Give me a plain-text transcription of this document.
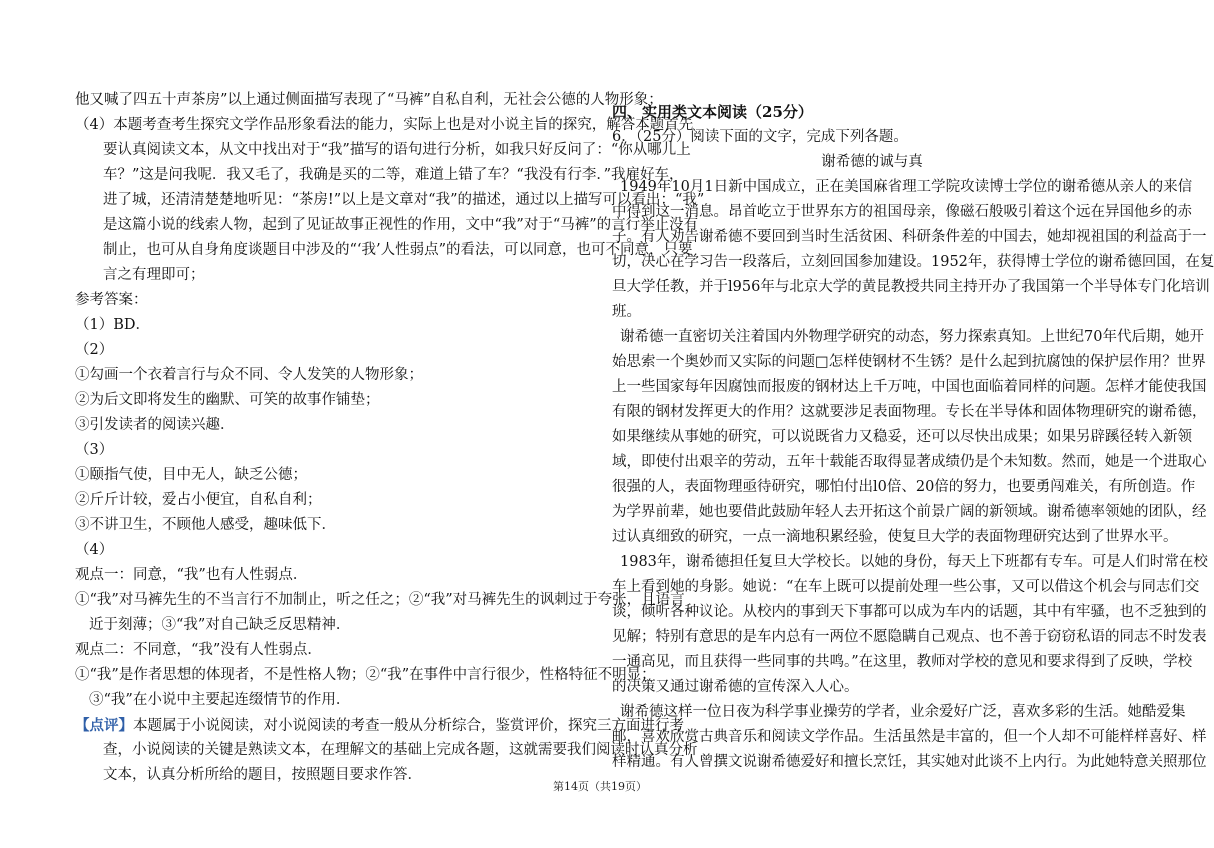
他又喊了四五十声茶房”以上通过侧面描写表现了“马裤”自私自利，无社会公德的人物形象；
（4）本题考查考生探究文学作品形象看法的能力，实际上也是对小说主旨的探究，解答本题首先
要认真阅读文本，从文中找出对于“我”描写的语句进行分析，如我只好反问了：“你从哪儿上
车？”这是问我呢．我又毛了，我确是买的二等，难道上错了车？“我没有行李．”我雇好车，
进了城，还清清楚楚地听见：“茶房!”以上是文章对“我”的描述，通过以上描写可以看出：“我”
是这篇小说的线索人物，起到了见证故事正视性的作用，文中“我”对于“马裤”的言行举止没有
制止，也可从自身角度谈题目中涉及的“‘我’人性弱点”的看法，可以同意，也可不同意，只要
言之有理即可；
参考答案：
（1）BD．
（2）
①勾画一个衣着言行与众不同、令人发笑的人物形象；
②为后文即将发生的幽默、可笑的故事作铺垫；
③引发读者的阅读兴趣．
（3）
①颐指气使，目中无人，缺乏公德；
②斤斤计较，爱占小便宜，自私自利；
③不讲卫生，不顾他人感受，趣味低下．
（4）
观点一：同意，“我”也有人性弱点．
①“我”对马裤先生的不当言行不加制止，听之任之；②“我”对马裤先生的讽刺过于夸张，且语言
近于刻薄；③“我”对自己缺乏反思精神．
观点二：不同意，“我”没有人性弱点．
①“我”是作者思想的体现者，不是性格人物；②“我”在事件中言行很少，性格特征不明显；
③“我”在小说中主要起连缀情节的作用．
【点评】本题属于小说阅读，对小说阅读的考查一般从分析综合，鉴赏评价，探究三方面进行考
查，小说阅读的关键是熟读文本，在理解文的基础上完成各题，这就需要我们阅读时认真分析
文本，认真分析所给的题目，按照题目要求作答．
四、实用类文本阅读（25分）
6．（25分）阅读下面的文字，完成下列各题。
谢希德的诚与真
1949年10月1日新中国成立，正在美国麻省理工学院攻读博士学位的谢希德从亲人的来信
中得到这一消息。昂首屹立于世界东方的祖国母亲，像磁石般吸引着这个远在异国他乡的赤
子。有人劝告谢希德不要回到当时生活贫困、科研条件差的中国去，她却视祖国的利益高于一
切，决心在学习告一段落后，立刻回国参加建设。1952年，获得博士学位的谢希德回国，在复
旦大学任教，并于l956年与北京大学的黄昆教授共同主持开办了我国第一个半导体专门化培训
班。
谢希德一直密切关注着国内外物理学研究的动态，努力探索真知。上世纪70年代后期，她开
始思索一个奥妙而又实际的问题□怎样使钢材不生锈？是什么起到抗腐蚀的保护层作用？世界
上一些国家每年因腐蚀而报废的钢材达上千万吨，中国也面临着同样的问题。怎样才能使我国
有限的钢材发挥更大的作用？这就要涉足表面物理。专长在半导体和固体物理研究的谢希德，
如果继续从事她的研究，可以说既省力又稳妥，还可以尽快出成果；如果另辟蹊径转入新领
域，即使付出艰辛的劳动，五年十载能否取得显著成绩仍是个未知数。然而，她是一个进取心
很强的人，表面物理亟待研究，哪怕付出l0倍、20倍的努力，也要勇闯难关，有所创造。作
为学界前辈，她也要借此鼓励年轻人去开拓这个前景广阔的新领域。谢希德率领她的团队，经
过认真细致的研究，一点一滴地积累经验，使复旦大学的表面物理研究达到了世界水平。
1983年，谢希德担任复旦大学校长。以她的身份，每天上下班都有专车。可是人们时常在校
车上看到她的身影。她说：“在车上既可以提前处理一些公事，又可以借这个机会与同志们交
谈，倾听各种议论。从校内的事到天下事都可以成为车内的话题，其中有牢骚，也不乏独到的
见解；特别有意思的是车内总有一两位不愿隐瞒自己观点、也不善于窃窃私语的同志不时发表
一通高见，而且获得一些同事的共鸣。”在这里，教师对学校的意见和要求得到了反映，学校
的决策又通过谢希德的宣传深入人心。
谢希德这样一位日夜为科学事业操劳的学者，业余爱好广泛，喜欢多彩的生活。她酷爱集
邮，喜欢欣赏古典音乐和阅读文学作品。生活虽然是丰富的，但一个人却不可能样样喜好、样
样精通。有人曾撰文说谢希德爱好和擅长烹饪，其实她对此谈不上内行。为此她特意关照那位
第14页（共19页）
